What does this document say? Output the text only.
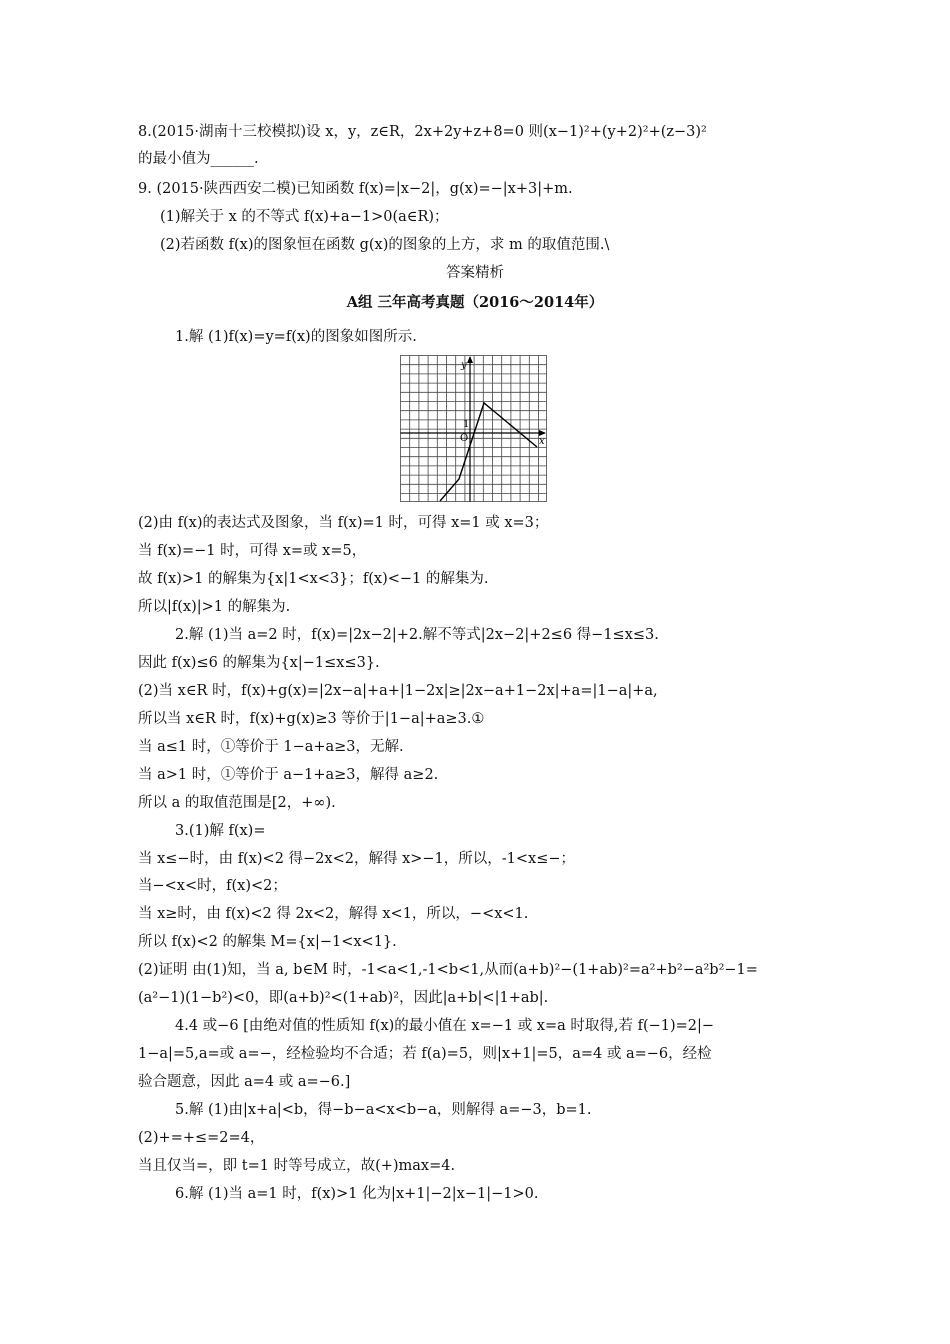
8.(2015·湖南十三校模拟)设 x，y，z∈R，2x+2y+z+8=0 则(x−1)²+(y+2)²+(z−3)²
的最小值为______.
9. (2015·陕西西安二模)已知函数 f(x)=|x−2|，g(x)=−|x+3|+m.
(1)解关于 x 的不等式 f(x)+a−1>0(a∈R)；
(2)若函数 f(x)的图象恒在函数 g(x)的图象的上方，求 m 的取值范围.\
答案精析
A组 三年高考真题（2016～2014年）
1.解 (1)f(x)=y=f(x)的图象如图所示.
x
y
O
1
(2)由 f(x)的表达式及图象，当 f(x)=1 时，可得 x=1 或 x=3；
当 f(x)=−1 时，可得 x=或 x=5，
故 f(x)>1 的解集为{x|1<x<3}；f(x)<−1 的解集为.
所以|f(x)|>1 的解集为.
2.解 (1)当 a=2 时，f(x)=|2x−2|+2.解不等式|2x−2|+2≤6 得−1≤x≤3.
因此 f(x)≤6 的解集为{x|−1≤x≤3}.
(2)当 x∈R 时，f(x)+g(x)=|2x−a|+a+|1−2x|≥|2x−a+1−2x|+a=|1−a|+a,
所以当 x∈R 时，f(x)+g(x)≥3 等价于|1−a|+a≥3.①
当 a≤1 时，①等价于 1−a+a≥3，无解.
当 a>1 时，①等价于 a−1+a≥3，解得 a≥2.
所以 a 的取值范围是[2，+∞).
3.(1)解 f(x)=
当 x≤−时，由 f(x)<2 得−2x<2，解得 x>−1，所以，-1<x≤−；
当−<x<时，f(x)<2；
当 x≥时，由 f(x)<2 得 2x<2，解得 x<1，所以，−<x<1.
所以 f(x)<2 的解集 M={x|−1<x<1}.
(2)证明 由(1)知，当 a, b∈M 时，-1<a<1,-1<b<1,从而(a+b)²−(1+ab)²=a²+b²−a²b²−1=
(a²−1)(1−b²)<0，即(a+b)²<(1+ab)²，因此|a+b|<|1+ab|.
4.4 或−6 [由绝对值的性质知 f(x)的最小值在 x=−1 或 x=a 时取得,若 f(−1)=2|−
1−a|=5,a=或 a=−，经检验均不合适；若 f(a)=5，则|x+1|=5，a=4 或 a=−6，经检
验合题意，因此 a=4 或 a=−6.]
5.解 (1)由|x+a|<b，得−b−a<x<b−a，则解得 a=−3，b=1.
(2)+=+≤=2=4，
当且仅当=，即 t=1 时等号成立，故(+)max=4.
6.解 (1)当 a=1 时，f(x)>1 化为|x+1|−2|x−1|−1>0.
